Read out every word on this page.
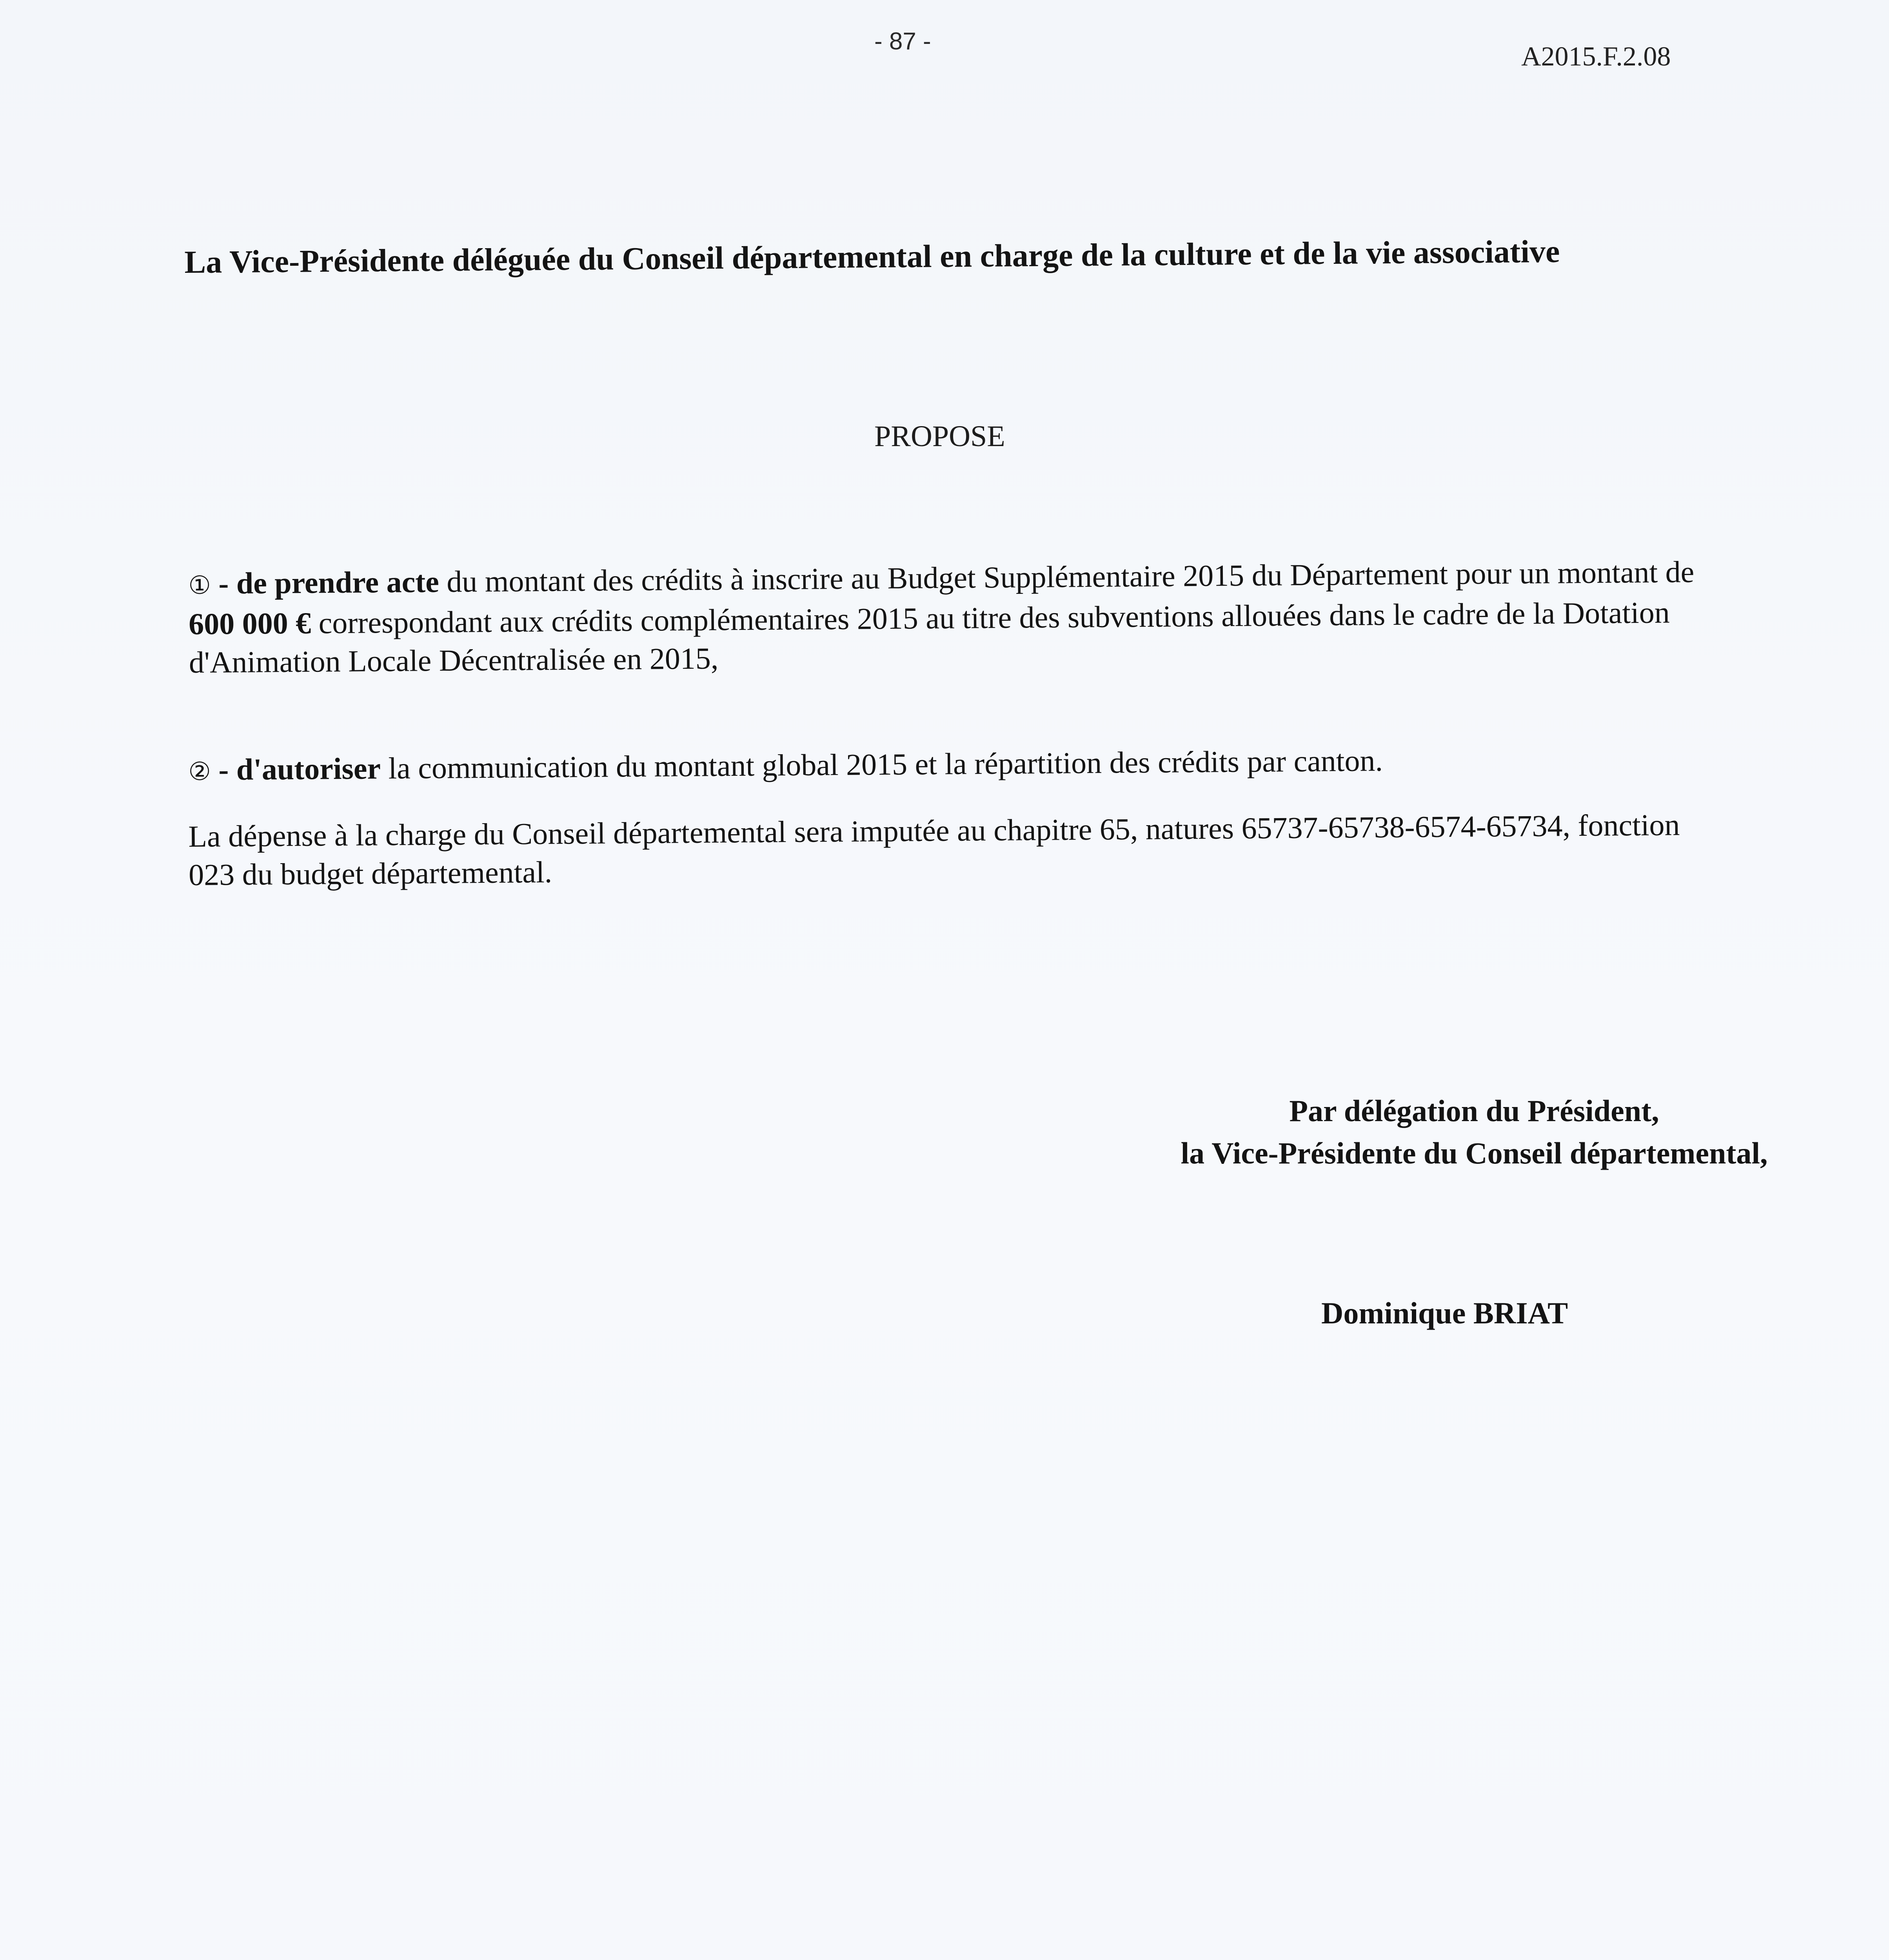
- 87 -
A2015.F.2.08
La Vice-Présidente déléguée du Conseil départemental en charge de la culture et de la vie associative
PROPOSE
① - de prendre acte du montant des crédits à inscrire au Budget Supplémentaire 2015 du Département pour un montant de 600 000 € correspondant aux crédits complémentaires 2015 au titre des subventions allouées dans le cadre de la Dotation d'Animation Locale Décentralisée en 2015,
② - d'autoriser la communication du montant global 2015 et la répartition des crédits par canton.
La dépense à la charge du Conseil départemental sera imputée au chapitre 65, natures 65737-65738-6574-65734, fonction 023 du budget départemental.
Par délégation du Président,
la Vice-Présidente du Conseil départemental,
Dominique BRIAT
